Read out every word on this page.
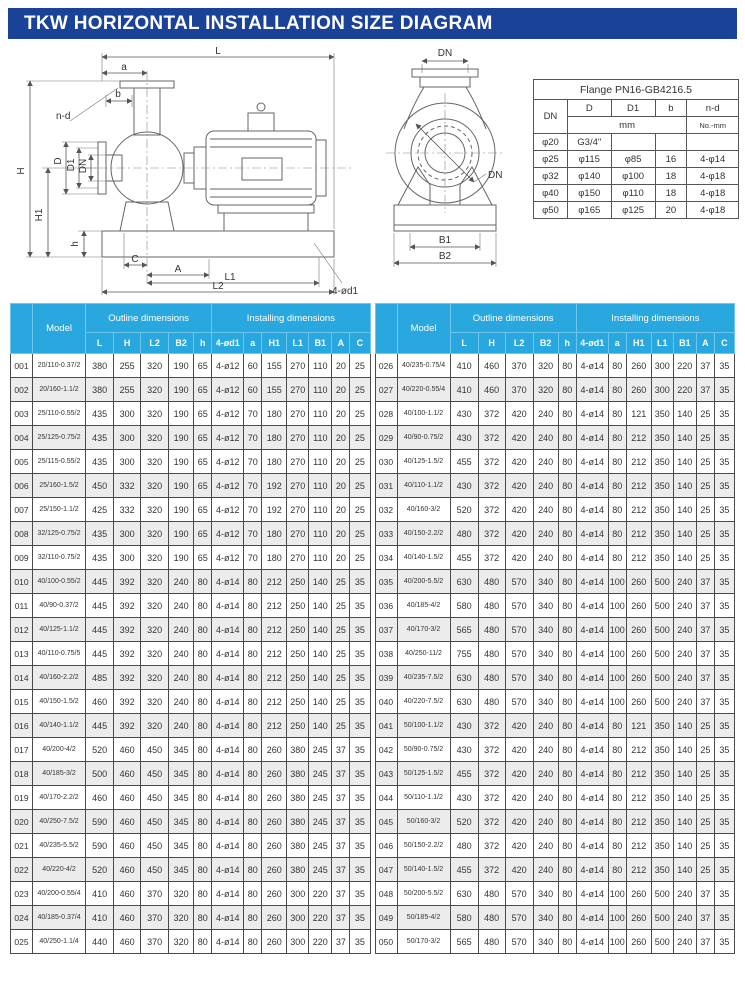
TKW HORIZONTAL INSTALLATION SIZE DIAGRAM
L
a
b
n-d
H
H1
D D1 DN
h
C
A
L1
L2	4-ød1
DN
DN
B1
B2
Flange PN16-GB4216.5				
DN	D	D1	b	n-d
	mm			No.-mm
φ20	G3/4"			
φ25	φ115	φ85	16	4-φ14
φ32	φ140	φ100	18	4-φ18
φ40	φ150	φ110	18	4-φ18
φ50	φ165	φ125	20	4-φ18
	Model	Outline dimensions					Installing dimensions						
		L	H	L2	B2	h	4-ød1	a	H1	L1	B1	A	C
001	20/110-0.37/2	380	255	320	190	65	4-ø12	60	155	270	110	20	25
002	20/160-1.1/2	380	255	320	190	65	4-ø12	60	155	270	110	20	25
003	25/110-0.55/2	435	300	320	190	65	4-ø12	70	180	270	110	20	25
004	25/125-0.75/2	435	300	320	190	65	4-ø12	70	180	270	110	20	25
005	25/115-0.55/2	435	300	320	190	65	4-ø12	70	180	270	110	20	25
006	25/160-1.5/2	450	332	320	190	65	4-ø12	70	192	270	110	20	25
007	25/150-1.1/2	425	332	320	190	65	4-ø12	70	192	270	110	20	25
008	32/125-0.75/2	435	300	320	190	65	4-ø12	70	180	270	110	20	25
009	32/110-0.75/2	435	300	320	190	65	4-ø12	70	180	270	110	20	25
010	40/100-0.55/2	445	392	320	240	80	4-ø14	80	212	250	140	25	35
011	40/90-0.37/2	445	392	320	240	80	4-ø14	80	212	250	140	25	35
012	40/125-1.1/2	445	392	320	240	80	4-ø14	80	212	250	140	25	35
013	40/110-0.75/5	445	392	320	240	80	4-ø14	80	212	250	140	25	35
014	40/160-2.2/2	485	392	320	240	80	4-ø14	80	212	250	140	25	35
015	40/150-1.5/2	460	392	320	240	80	4-ø14	80	212	250	140	25	35
016	40/140-1.1/2	445	392	320	240	80	4-ø14	80	212	250	140	25	35
017	40/200-4/2	520	460	450	345	80	4-ø14	80	260	380	245	37	35
018	40/185-3/2	500	460	450	345	80	4-ø14	80	260	380	245	37	35
019	40/170-2.2/2	460	460	450	345	80	4-ø14	80	260	380	245	37	35
020	40/250-7.5/2	590	460	450	345	80	4-ø14	80	260	380	245	37	35
021	40/235-5.5/2	590	460	450	345	80	4-ø14	80	260	380	245	37	35
022	40/220-4/2	520	460	450	345	80	4-ø14	80	260	380	245	37	35
023	40/200-0.55/4	410	460	370	320	80	4-ø14	80	260	300	220	37	35
024	40/185-0.37/4	410	460	370	320	80	4-ø14	80	260	300	220	37	35
025	40/250-1.1/4	440	460	370	320	80	4-ø14	80	260	300	220	37	35
	Model	Outline dimensions					Installing dimensions						
		L	H	L2	B2	h	4-ød1	a	H1	L1	B1	A	C
026	40/235-0.75/4	410	460	370	320	80	4-ø14	80	260	300	220	37	35
027	40/220-0.55/4	410	460	370	320	80	4-ø14	80	260	300	220	37	35
028	40/100-1.1/2	430	372	420	240	80	4-ø14	80	121	350	140	25	35
029	40/90-0.75/2	430	372	420	240	80	4-ø14	80	212	350	140	25	35
030	40/125-1.5/2	455	372	420	240	80	4-ø14	80	212	350	140	25	35
031	40/110-1.1/2	430	372	420	240	80	4-ø14	80	212	350	140	25	35
032	40/160-3/2	520	372	420	240	80	4-ø14	80	212	350	140	25	35
033	40/150-2.2/2	480	372	420	240	80	4-ø14	80	212	350	140	25	35
034	40/140-1.5/2	455	372	420	240	80	4-ø14	80	212	350	140	25	35
035	40/200-5.5/2	630	480	570	340	80	4-ø14	100	260	500	240	37	35
036	40/185-4/2	580	480	570	340	80	4-ø14	100	260	500	240	37	35
037	40/170-3/2	565	480	570	340	80	4-ø14	100	260	500	240	37	35
038	40/250-11/2	755	480	570	340	80	4-ø14	100	260	500	240	37	35
039	40/235-7.5/2	630	480	570	340	80	4-ø14	100	260	500	240	37	35
040	40/220-7.5/2	630	480	570	340	80	4-ø14	100	260	500	240	37	35
041	50/100-1.1/2	430	372	420	240	80	4-ø14	80	121	350	140	25	35
042	50/90-0.75/2	430	372	420	240	80	4-ø14	80	212	350	140	25	35
043	50/125-1.5/2	455	372	420	240	80	4-ø14	80	212	350	140	25	35
044	50/110-1.1/2	430	372	420	240	80	4-ø14	80	212	350	140	25	35
045	50/160-3/2	520	372	420	240	80	4-ø14	80	212	350	140	25	35
046	50/150-2.2/2	480	372	420	240	80	4-ø14	80	212	350	140	25	35
047	50/140-1.5/2	455	372	420	240	80	4-ø14	80	212	350	140	25	35
048	50/200-5.5/2	630	480	570	340	80	4-ø14	100	260	500	240	37	35
049	50/185-4/2	580	480	570	340	80	4-ø14	100	260	500	240	37	35
050	50/170-3/2	565	480	570	340	80	4-ø14	100	260	500	240	37	35
